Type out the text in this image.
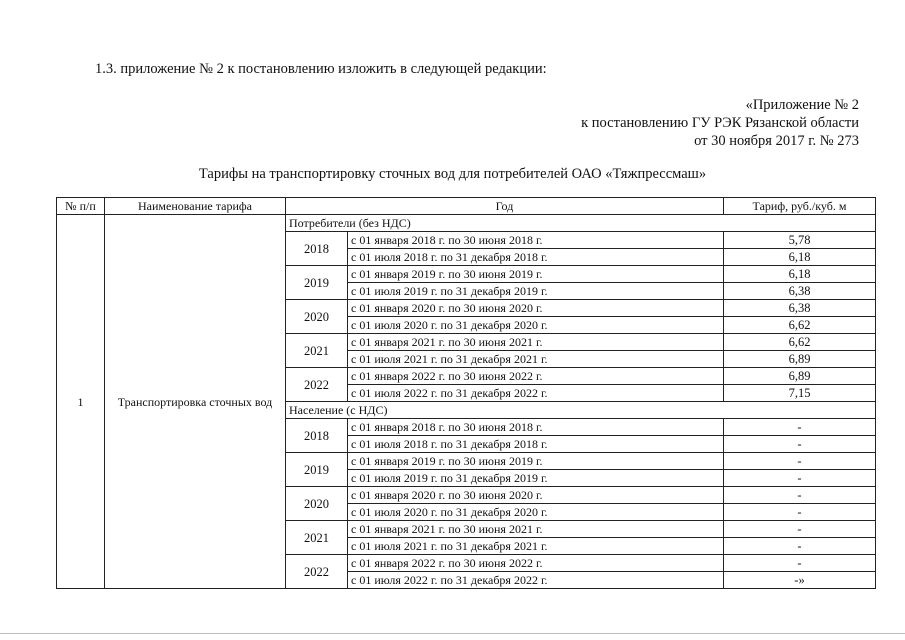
1.3. приложение № 2 к постановлению изложить в следующей редакции:
«Приложение № 2
к постановлению ГУ РЭК Рязанской области
от 30 ноября 2017 г. № 273
Тарифы на транспортировку сточных вод для потребителей ОАО «Тяжпрессмаш»
№ п/п	Наименование тарифа	Год		Тариф, руб./куб. м
1	Транспортировка сточных вод	Потребители (без НДС)		
		2018	с 01 января 2018 г. по 30 июня 2018 г.	5,78
			с 01 июля 2018 г. по 31 декабря 2018 г.	6,18
		2019	с 01 января 2019 г. по 30 июня 2019 г.	6,18
			с 01 июля 2019 г. по 31 декабря 2019 г.	6,38
		2020	с 01 января 2020 г. по 30 июня 2020 г.	6,38
			с 01 июля 2020 г. по 31 декабря 2020 г.	6,62
		2021	с 01 января 2021 г. по 30 июня 2021 г.	6,62
			с 01 июля 2021 г. по 31 декабря 2021 г.	6,89
		2022	с 01 января 2022 г. по 30 июня 2022 г.	6,89
			с 01 июля 2022 г. по 31 декабря 2022 г.	7,15
		Население (с НДС)		
		2018	с 01 января 2018 г. по 30 июня 2018 г.	-
			с 01 июля 2018 г. по 31 декабря 2018 г.	-
		2019	с 01 января 2019 г. по 30 июня 2019 г.	-
			с 01 июля 2019 г. по 31 декабря 2019 г.	-
		2020	с 01 января 2020 г. по 30 июня 2020 г.	-
			с 01 июля 2020 г. по 31 декабря 2020 г.	-
		2021	с 01 января 2021 г. по 30 июня 2021 г.	-
			с 01 июля 2021 г. по 31 декабря 2021 г.	-
		2022	с 01 января 2022 г. по 30 июня 2022 г.	-
			с 01 июля 2022 г. по 31 декабря 2022 г.	-»
